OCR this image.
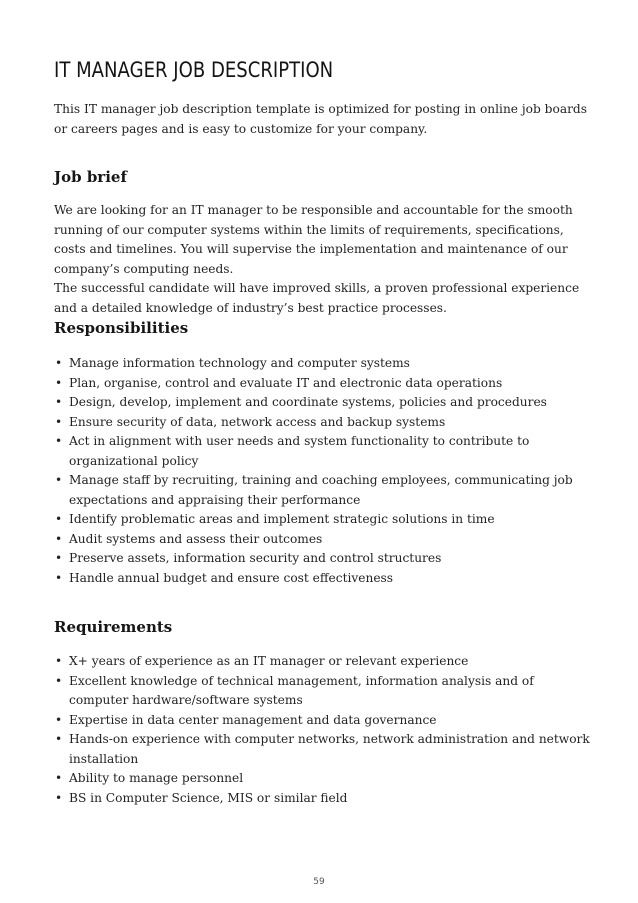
IT MANAGER JOB DESCRIPTION
This IT manager job description template is optimized for posting in online job boards or careers pages and is easy to customize for your company.
Job brief

We are looking for an IT manager to be responsible and accountable for the smooth running of our computer systems within the limits of requirements, specifications, costs and timelines. You will supervise the implementation and maintenance of our company’s computing needs.

The successful candidate will have improved skills, a proven professional experience and a detailed knowledge of industry’s best practice processes.

Responsibilities
• Manage information technology and computer systems
• Plan, organise, control and evaluate IT and electronic data operations
• Design, develop, implement and coordinate systems, policies and procedures
• Ensure security of data, network access and backup systems
• Act in alignment with user needs and system functionality to contribute to organizational policy
• Manage staff by recruiting, training and coaching employees, communicating job expectations and appraising their performance
• Identify problematic areas and implement strategic solutions in time
• Audit systems and assess their outcomes
• Preserve assets, information security and control structures
• Handle annual budget and ensure cost effectiveness
Requirements
• X+ years of experience as an IT manager or relevant experience
• Excellent knowledge of technical management, information analysis and of computer hardware/software systems
• Expertise in data center management and data governance
• Hands-on experience with computer networks, network administration and network installation
• Ability to manage personnel
• BS in Computer Science, MIS or similar field
59
